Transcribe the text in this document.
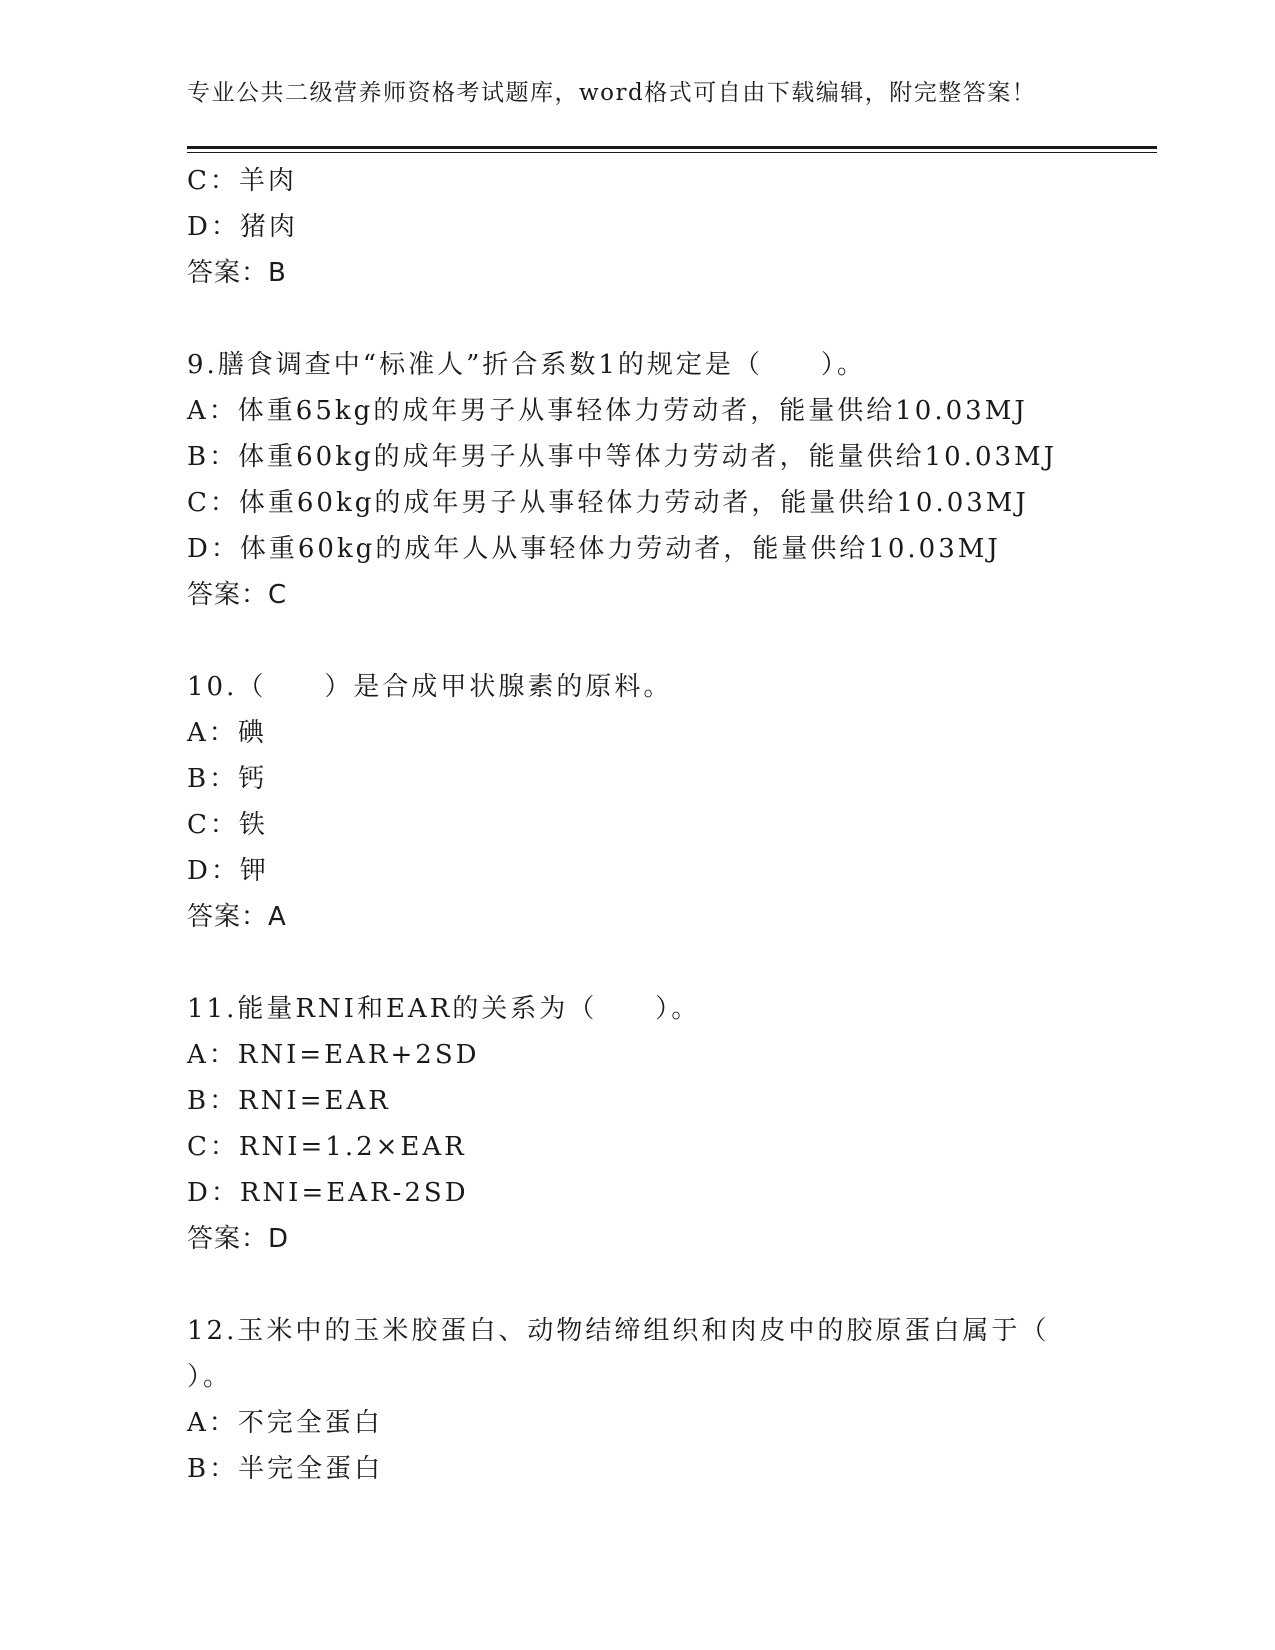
专业公共二级营养师资格考试题库，word格式可自由下载编辑，附完整答案！
C：羊肉
D：猪肉
答案：B
9.膳食调查中“标准人”折合系数1的规定是（　　）。
A：体重65kg的成年男子从事轻体力劳动者，能量供给10.03MJ
B：体重60kg的成年男子从事中等体力劳动者，能量供给10.03MJ
C：体重60kg的成年男子从事轻体力劳动者，能量供给10.03MJ
D：体重60kg的成年人从事轻体力劳动者，能量供给10.03MJ
答案：C
10.（　　）是合成甲状腺素的原料。
A：碘
B：钙
C：铁
D：钾
答案：A
11.能量RNI和EAR的关系为（　　）。
A：RNI=EAR+2SD
B：RNI=EAR
C：RNI=1.2×EAR
D：RNI=EAR-2SD
答案：D
12.玉米中的玉米胶蛋白、动物结缔组织和肉皮中的胶原蛋白属于（
）。
A：不完全蛋白
B：半完全蛋白
